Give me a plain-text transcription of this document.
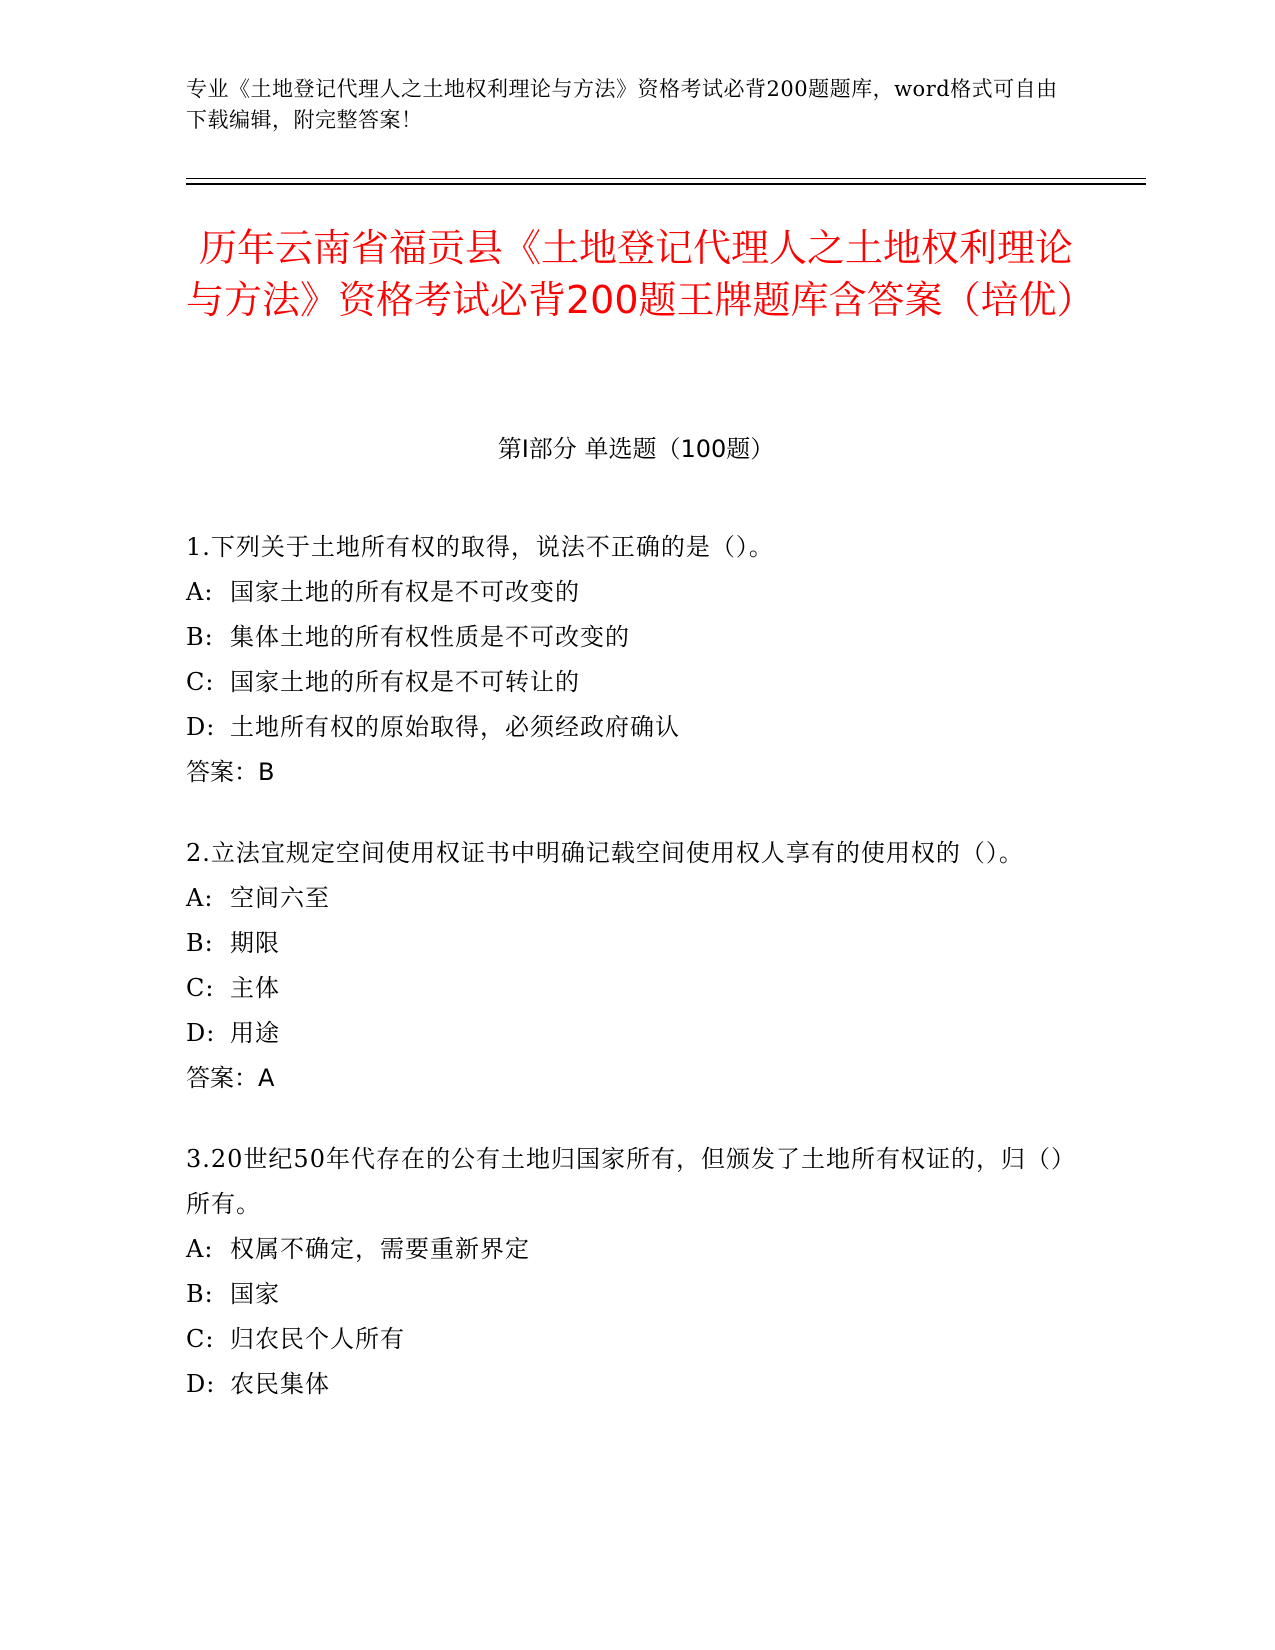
专业《土地登记代理人之土地权利理论与方法》资格考试必背200题题库，word格式可自由下载编辑，附完整答案！
历年云南省福贡县《土地登记代理人之土地权利理论与方法》资格考试必背200题王牌题库含答案（培优）
第Ⅰ部分 单选题（100题）

1.下列关于土地所有权的取得，说法不正确的是（）。

A: 国家土地的所有权是不可改变的

B: 集体土地的所有权性质是不可改变的

C: 国家土地的所有权是不可转让的

D: 土地所有权的原始取得，必须经政府确认

答案：B

2.立法宜规定空间使用权证书中明确记载空间使用权人享有的使用权的（）。

A: 空间六至

B: 期限

C: 主体

D: 用途

答案：A

3.20世纪50年代存在的公有土地归国家所有，但颁发了土地所有权证的，归（）所有。

A: 权属不确定，需要重新界定

B: 国家

C: 归农民个人所有

D: 农民集体
